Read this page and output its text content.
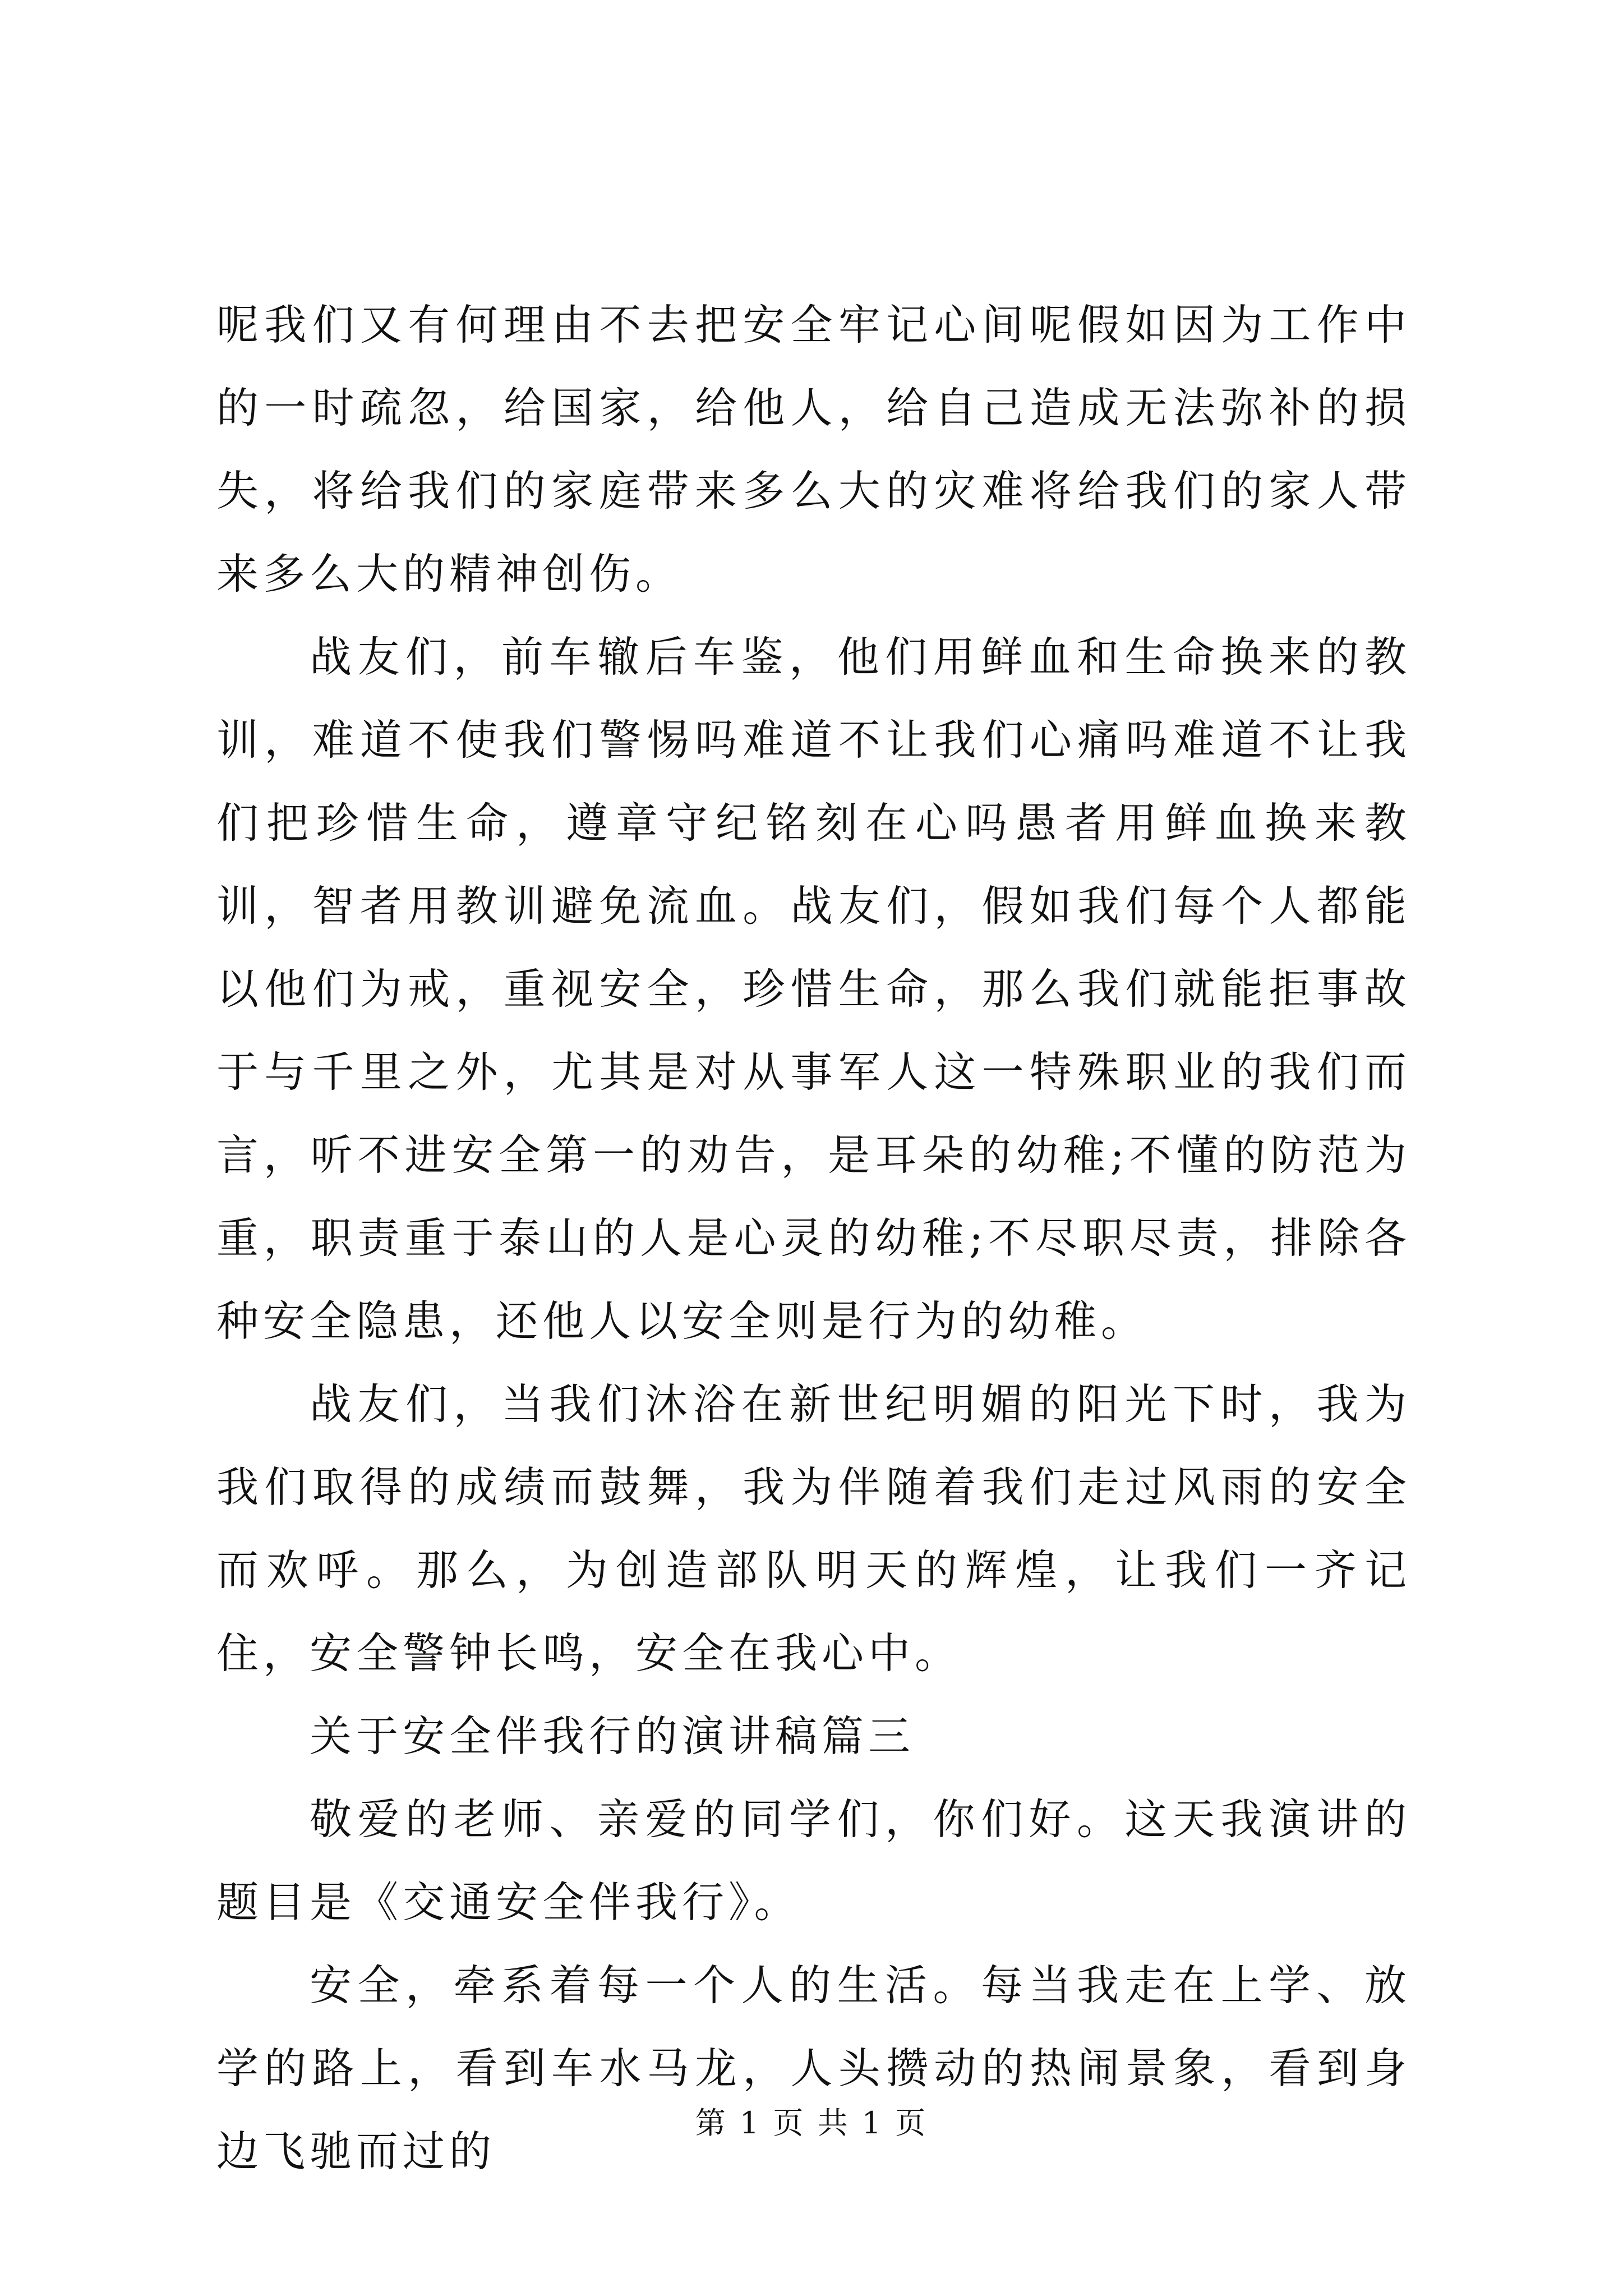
呢我们又有何理由不去把安全牢记心间呢假如因为工作中的一时疏忽，给国家，给他人，给自己造成无法弥补的损失，将给我们的家庭带来多么大的灾难将给我们的家人带来多么大的精神创伤。

战友们，前车辙后车鉴，他们用鲜血和生命换来的教训，难道不使我们警惕吗难道不让我们心痛吗难道不让我们把珍惜生命，遵章守纪铭刻在心吗愚者用鲜血换来教训，智者用教训避免流血。战友们，假如我们每个人都能以他们为戒，重视安全，珍惜生命，那么我们就能拒事故于与千里之外，尤其是对从事军人这一特殊职业的我们而言，听不进安全第一的劝告，是耳朵的幼稚;不懂的防范为重，职责重于泰山的人是心灵的幼稚;不尽职尽责，排除各种安全隐患，还他人以安全则是行为的幼稚。

战友们，当我们沐浴在新世纪明媚的阳光下时，我为我们取得的成绩而鼓舞，我为伴随着我们走过风雨的安全而欢呼。那么，为创造部队明天的辉煌，让我们一齐记住，安全警钟长鸣，安全在我心中。

关于安全伴我行的演讲稿篇三

敬爱的老师、亲爱的同学们，你们好。这天我演讲的题目是《交通安全伴我行》。

安全，牵系着每一个人的生活。每当我走在上学、放学的路上，看到车水马龙，人头攒动的热闹景象，看到身边飞驰而过的

第 1 页 共 1 页
